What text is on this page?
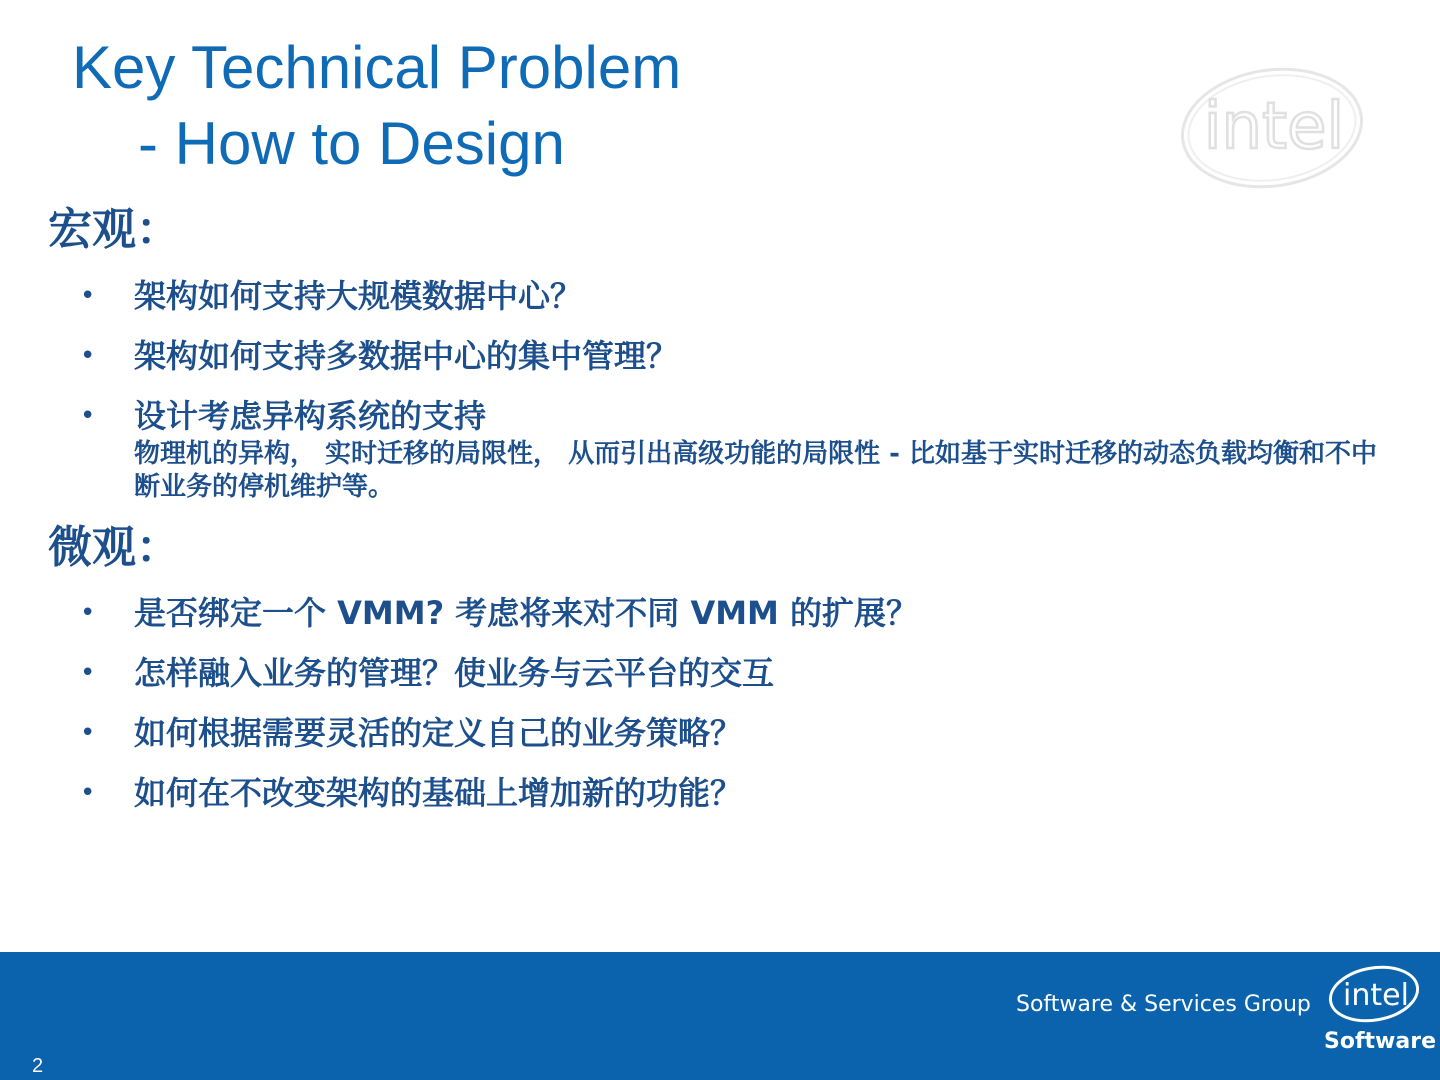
Key Technical Problem
- How to Design	intel
宏观：
• 架构如何支持大规模数据中心？
• 架构如何支持多数据中心的集中管理？
• 设计考虑异构系统的支持
物理机的异构， 实时迁移的局限性， 从而引出高级功能的局限性 - 比如基于实时迁移的动态负载均衡和不中断业务的停机维护等。
微观：
• 是否绑定一个 VMM? 考虑将来对不同 VMM 的扩展？
• 怎样融入业务的管理？使业务与云平台的交互
• 如何根据需要灵活的定义自己的业务策略？
• 如何在不改变架构的基础上增加新的功能？
Software & Services Group intel
Software
2
